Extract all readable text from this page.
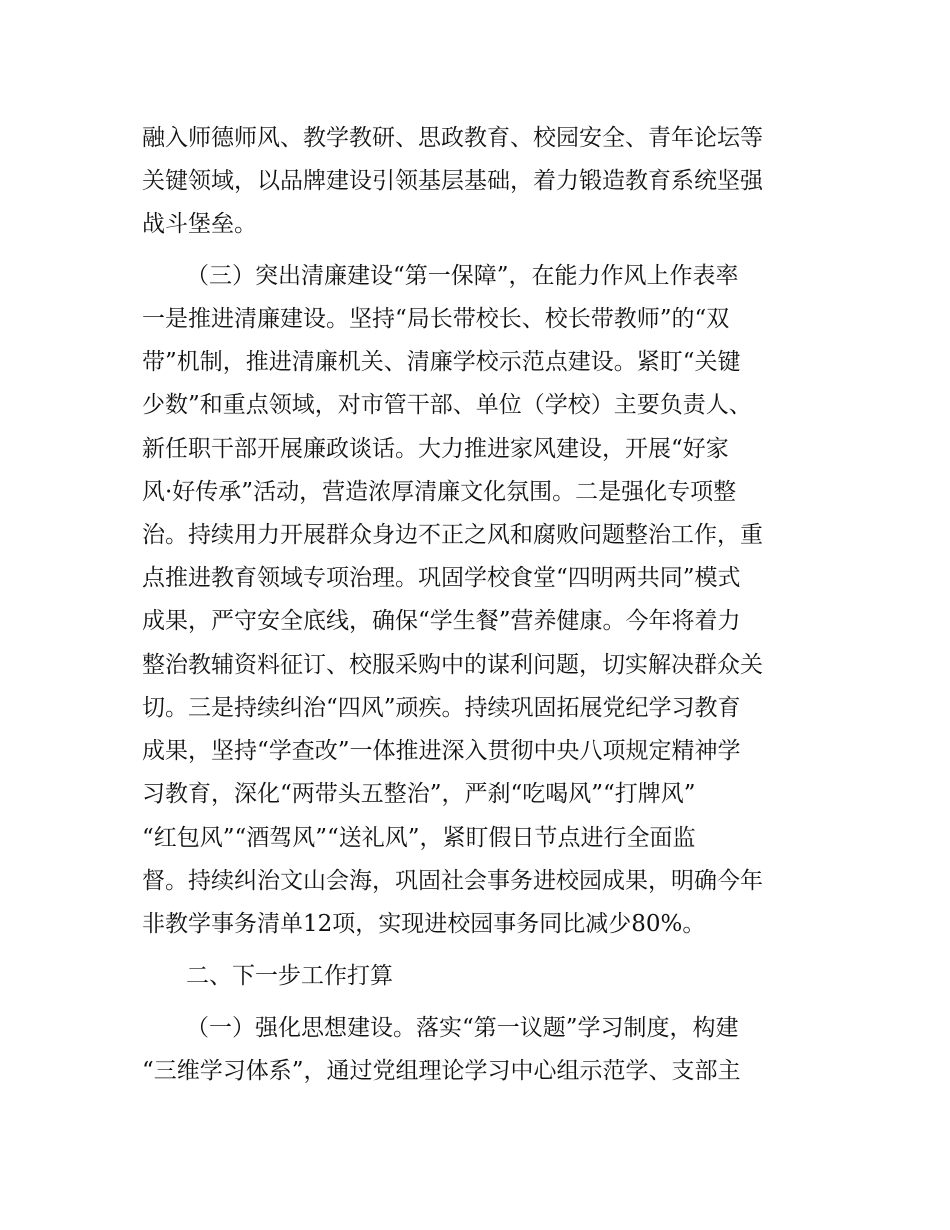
融入师德师风、教学教研、思政教育、校园安全、青年论坛等
关键领域，以品牌建设引领基层基础，着力锻造教育系统坚强
战斗堡垒。
（三）突出清廉建设“第一保障”，在能力作风上作表率
一是推进清廉建设。坚持“局长带校长、校长带教师”的“双
带”机制，推进清廉机关、清廉学校示范点建设。紧盯“关键
少数”和重点领域，对市管干部、单位（学校）主要负责人、
新任职干部开展廉政谈话。大力推进家风建设，开展“好家
风·好传承”活动，营造浓厚清廉文化氛围。二是强化专项整
治。持续用力开展群众身边不正之风和腐败问题整治工作，重
点推进教育领域专项治理。巩固学校食堂“四明两共同”模式
成果，严守安全底线，确保“学生餐”营养健康。今年将着力
整治教辅资料征订、校服采购中的谋利问题，切实解决群众关
切。三是持续纠治“四风”顽疾。持续巩固拓展党纪学习教育
成果，坚持“学查改”一体推进深入贯彻中央八项规定精神学
习教育，深化“两带头五整治”，严刹“吃喝风”“打牌风”
“红包风”“酒驾风”“送礼风”，紧盯假日节点进行全面监
督。持续纠治文山会海，巩固社会事务进校园成果，明确今年
非教学事务清单12项，实现进校园事务同比减少80%。
二、下一步工作打算
（一）强化思想建设。落实“第一议题”学习制度，构建
“三维学习体系”，通过党组理论学习中心组示范学、支部主
